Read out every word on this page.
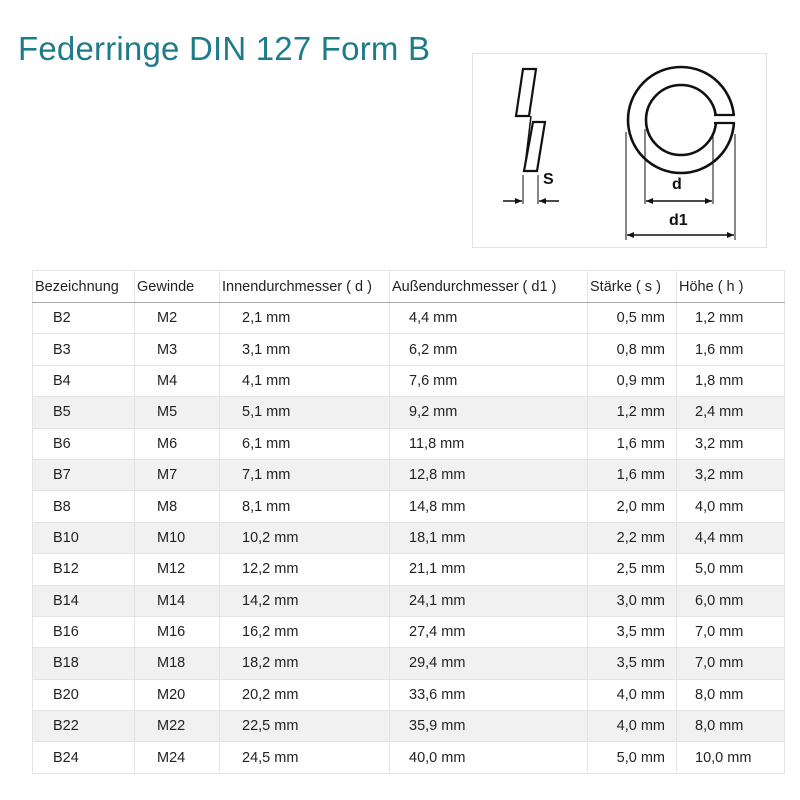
Federringe DIN 127 Form B
S	d
d1
Bezeichnung	Gewinde	Innendurchmesser ( d )	Außendurchmesser ( d1 )	Stärke ( s )	Höhe ( h )
B2	M2	2,1 mm	4,4 mm	0,5 mm	1,2 mm
B3	M3	3,1 mm	6,2 mm	0,8 mm	1,6 mm
B4	M4	4,1 mm	7,6 mm	0,9 mm	1,8 mm
B5	M5	5,1 mm	9,2 mm	1,2 mm	2,4 mm
B6	M6	6,1 mm	11,8 mm	1,6 mm	3,2 mm
B7	M7	7,1 mm	12,8 mm	1,6 mm	3,2 mm
B8	M8	8,1 mm	14,8 mm	2,0 mm	4,0 mm
B10	M10	10,2 mm	18,1 mm	2,2 mm	4,4 mm
B12	M12	12,2 mm	21,1 mm	2,5 mm	5,0 mm
B14	M14	14,2 mm	24,1 mm	3,0 mm	6,0 mm
B16	M16	16,2 mm	27,4 mm	3,5 mm	7,0 mm
B18	M18	18,2 mm	29,4 mm	3,5 mm	7,0 mm
B20	M20	20,2 mm	33,6 mm	4,0 mm	8,0 mm
B22	M22	22,5 mm	35,9 mm	4,0 mm	8,0 mm
B24	M24	24,5 mm	40,0 mm	5,0 mm	10,0 mm
